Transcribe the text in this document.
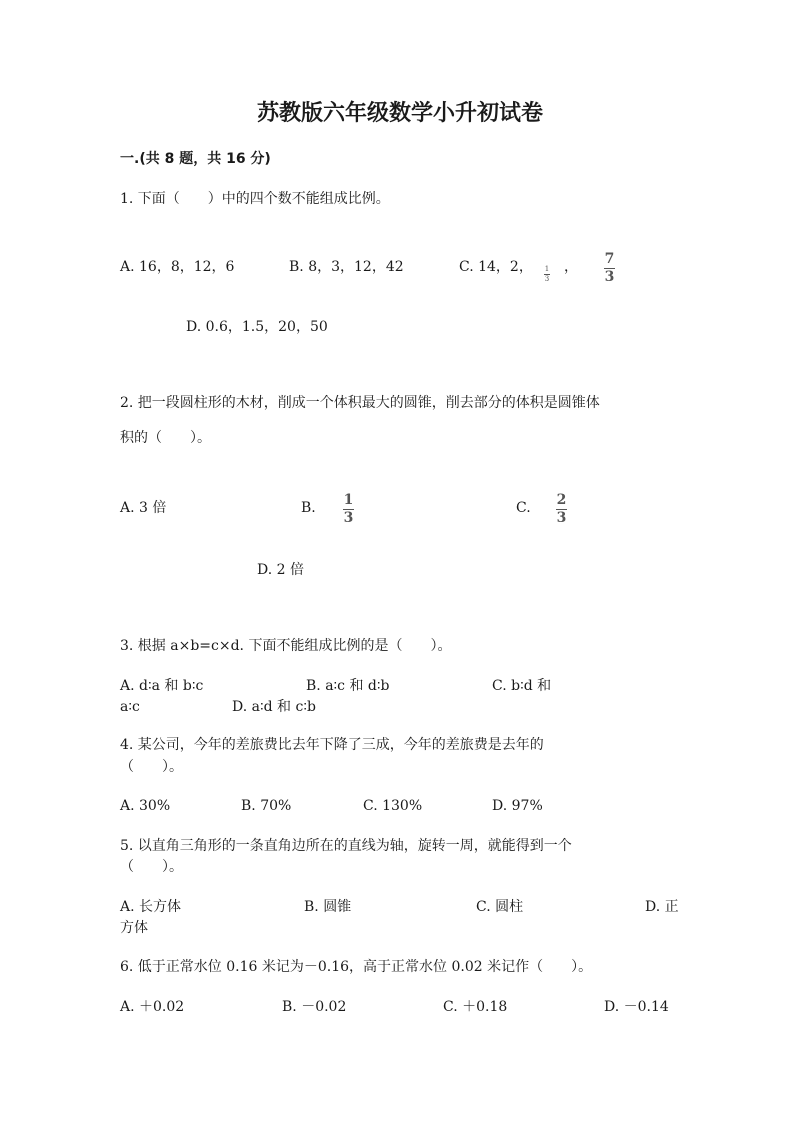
苏教版六年级数学小升初试卷
一.(共 8 题，共 16 分)
1. 下面（　　）中的四个数不能组成比例。
A. 16，8，12，6	B. 8，3，12，42	C. 14，2， 1
3
， 7
3
D. 0.6，1.5，20，50
2. 把一段圆柱形的木材，削成一个体积最大的圆锥，削去部分的体积是圆锥体
积的（　　）。
A. 3 倍	B. 1
3
C. 2
3
D. 2 倍
3. 根据 a×b=c×d. 下面不能组成比例的是（　　）。
A. d∶a 和 b∶c	B. a∶c 和 d∶b	C. b∶d 和
a∶c	D. a∶d 和 c∶b
4. 某公司，今年的差旅费比去年下降了三成，今年的差旅费是去年的
（　　）。
A. 30%	B. 70%	C. 130%	D. 97%
5. 以直角三角形的一条直角边所在的直线为轴，旋转一周，就能得到一个
（　　）。
A. 长方体	B. 圆锥	C. 圆柱	D. 正
方体
6. 低于正常水位 0.16 米记为－0.16，高于正常水位 0.02 米记作（　　）。
A. ＋0.02	B. －0.02	C. ＋0.18	D. －0.14
